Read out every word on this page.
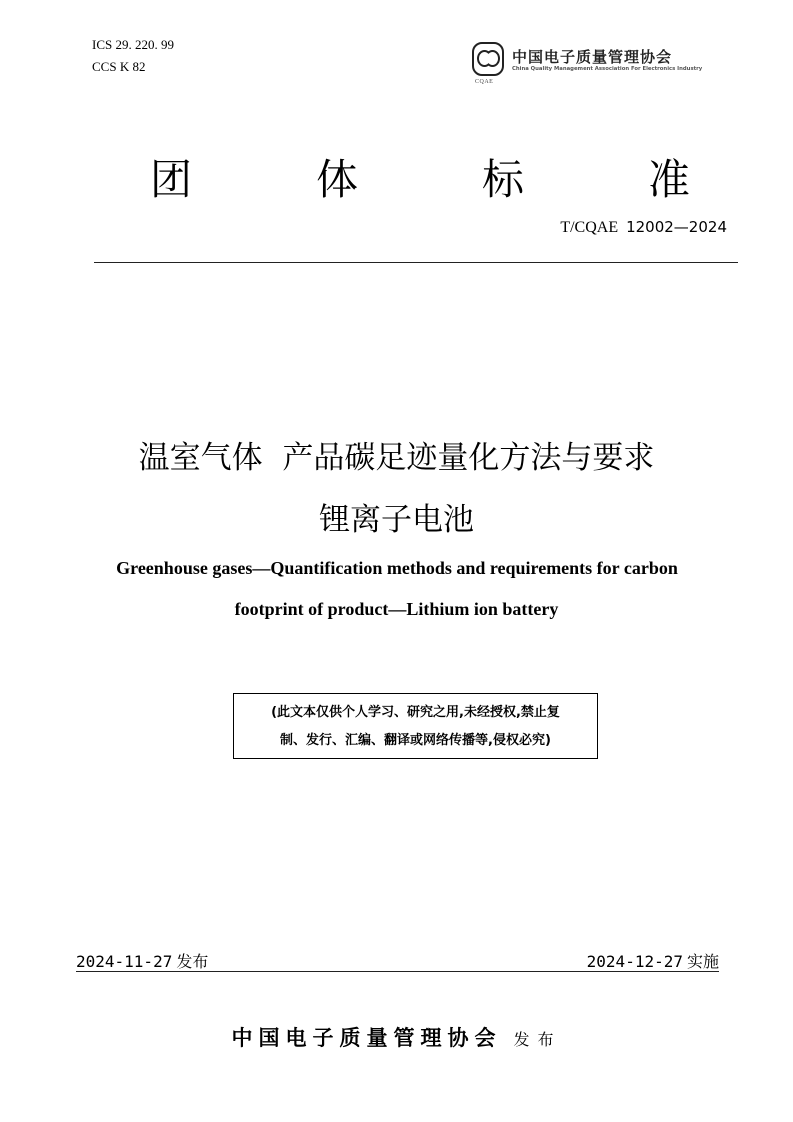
ICS 29. 220. 99
CCS K 82
CQAE
中国电子质量管理协会
China Quality Management Association For Electronics Industry
团	体	标	准
T/CQAE 12002—2024
温室气体  产品碳足迹量化方法与要求
锂离子电池
Greenhouse gases—Quantification methods and requirements for carbon
footprint of product—Lithium ion battery
(此文本仅供个人学习、研究之用,未经授权,禁止复
制、发行、汇编、翻译或网络传播等,侵权必究)
2024-11-27 发布	2024-12-27 实施
中国电子质量管理协会 发布
